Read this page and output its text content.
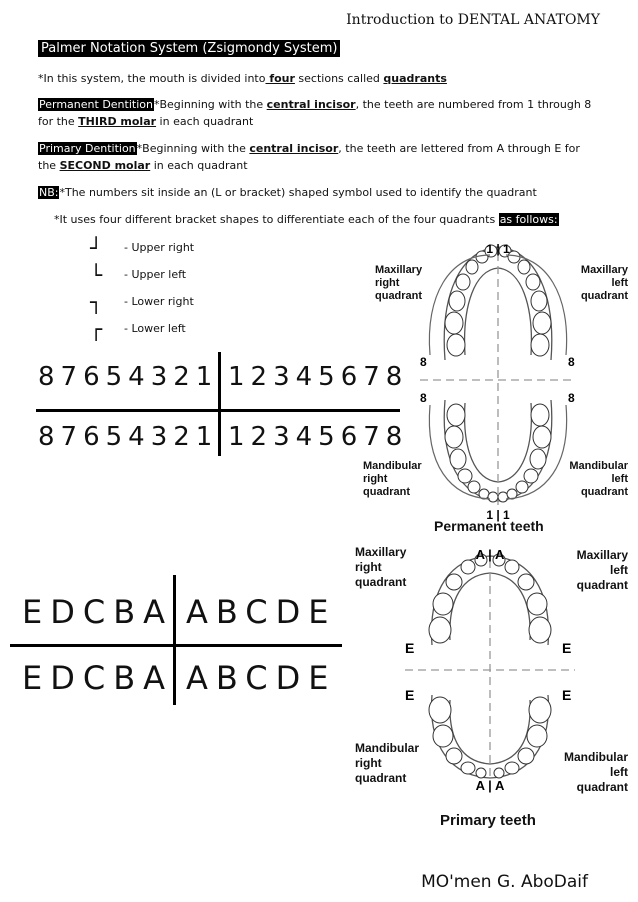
Introduction to DENTAL ANATOMY
Palmer Notation System (Zsigmondy System)
*In this system, the mouth is divided into four sections called quadrants
Permanent Dentition*Beginning with the central incisor, the teeth are numbered from 1 through 8 for the THIRD molar in each quadrant
Primary Dentition*Beginning with the central incisor, the teeth are lettered from A through E for the SECOND molar in each quadrant
NB:*The numbers sit inside an (L or bracket) shaped symbol used to identify the quadrant
*It uses four different bracket shapes to differentiate each of the four quadrants as follows:
┘	- Upper right
└	- Upper left
┐	- Lower right
┌	- Lower left
87654321 12345678
87654321 12345678
EDCBA ABCDE
EDCBA ABCDE
1 | 1
1 | 1
8	8
8	8
Maxillary
right
quadrant
Maxillary
left
quadrant
Mandibular
right
quadrant
Mandibular
left
quadrant
Permanent teeth
A | A
A | A
E	E
E	E
Maxillary
right
quadrant
Maxillary
left
quadrant
Mandibular
right
quadrant
Mandibular
left
quadrant
Primary teeth
MO'men G. AboDaif
